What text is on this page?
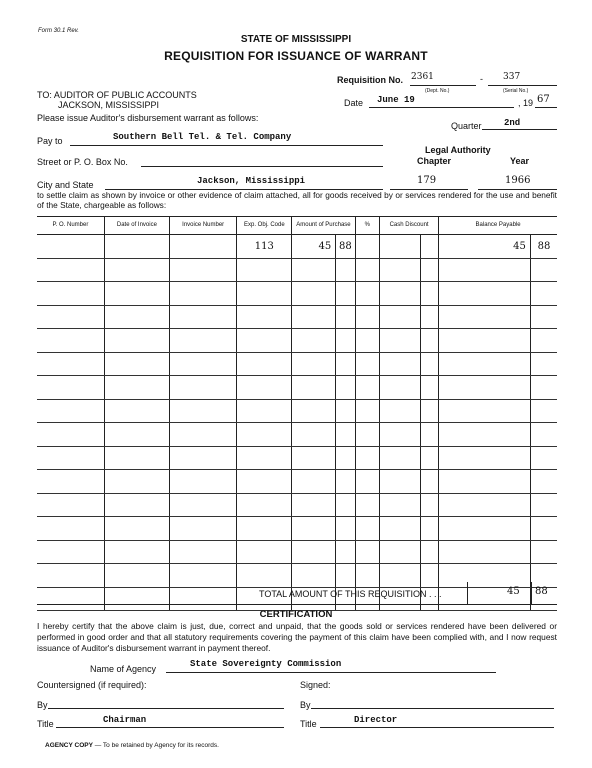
Form 30.1 Rev.
STATE OF MISSISSIPPI
REQUISITION FOR ISSUANCE OF WARRANT
Requisition No. 2361	- 337
(Dept. No.)	(Serial No.)
TO: AUDITOR OF PUBLIC ACCOUNTS
JACKSON, MISSISSIPPI	Date June 19	, 19 67
Please issue Auditor's disbursement warrant as follows:
Quarter 2nd
Pay to	Southern Bell Tel. & Tel. Company
Legal Authority
Chapter	Year
Street or P. O. Box No.
City and State	Jackson, Mississippi	179	1966
to settle claim as shown by invoice or other evidence of claim attached, all for goods received by or services rendered for the use and benefit of the State, chargeable as follows:
P. O. Number	Date of Invoice	Invoice Number	Exp. Obj. Code	Amount of Purchase		%	Cash Discount		Balance Payable	
			113	45	88				45	88

TOTAL AMOUNT OF THIS REQUISITION . . .	45 88
CERTIFICATION
I hereby certify that the above claim is just, due, correct and unpaid, that the goods sold or services rendered have been delivered or performed in good order and that all statutory requirements covering the payment of this claim have been complied with, and I now request issuance of Auditor's disbursement warrant in payment thereof.
Name of Agency	State Sovereignty Commission
Countersigned (if required):	Signed:
By	By
Title	Chairman	Title	Director
AGENCY COPY — To be retained by Agency for its records.
